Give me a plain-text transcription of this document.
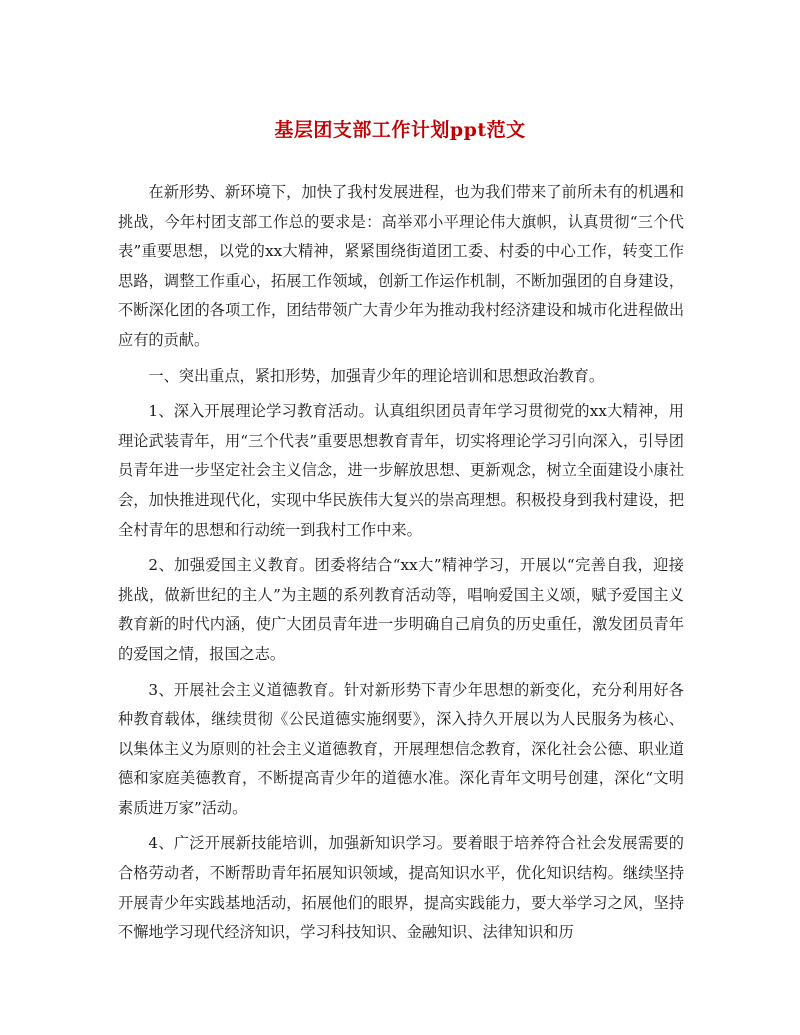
基层团支部工作计划ppt范文

在新形势、新环境下，加快了我村发展进程，也为我们带来了前所未有的机遇和挑战，今年村团支部工作总的要求是：高举邓小平理论伟大旗帜，认真贯彻“三个代表”重要思想，以党的xx大精神，紧紧围绕街道团工委、村委的中心工作，转变工作思路，调整工作重心，拓展工作领域，创新工作运作机制，不断加强团的自身建设，不断深化团的各项工作，团结带领广大青少年为推动我村经济建设和城市化进程做出应有的贡献。

一、突出重点，紧扣形势，加强青少年的理论培训和思想政治教育。

1、深入开展理论学习教育活动。认真组织团员青年学习贯彻党的xx大精神，用理论武装青年，用“三个代表”重要思想教育青年，切实将理论学习引向深入，引导团员青年进一步坚定社会主义信念，进一步解放思想、更新观念，树立全面建设小康社会，加快推进现代化，实现中华民族伟大复兴的崇高理想。积极投身到我村建设，把全村青年的思想和行动统一到我村工作中来。

2、加强爱国主义教育。团委将结合“xx大”精神学习，开展以“完善自我，迎接挑战，做新世纪的主人”为主题的系列教育活动等，唱响爱国主义颂，赋予爱国主义教育新的时代内涵，使广大团员青年进一步明确自己肩负的历史重任，激发团员青年的爱国之情，报国之志。

3、开展社会主义道德教育。针对新形势下青少年思想的新变化，充分利用好各种教育载体，继续贯彻《公民道德实施纲要》，深入持久开展以为人民服务为核心、以集体主义为原则的社会主义道德教育，开展理想信念教育，深化社会公德、职业道德和家庭美德教育，不断提高青少年的道德水准。深化青年文明号创建，深化“文明素质进万家”活动。

4、广泛开展新技能培训，加强新知识学习。要着眼于培养符合社会发展需要的合格劳动者，不断帮助青年拓展知识领域，提高知识水平，优化知识结构。继续坚持开展青少年实践基地活动，拓展他们的眼界，提高实践能力，要大举学习之风，坚持不懈地学习现代经济知识，学习科技知识、金融知识、法律知识和历
